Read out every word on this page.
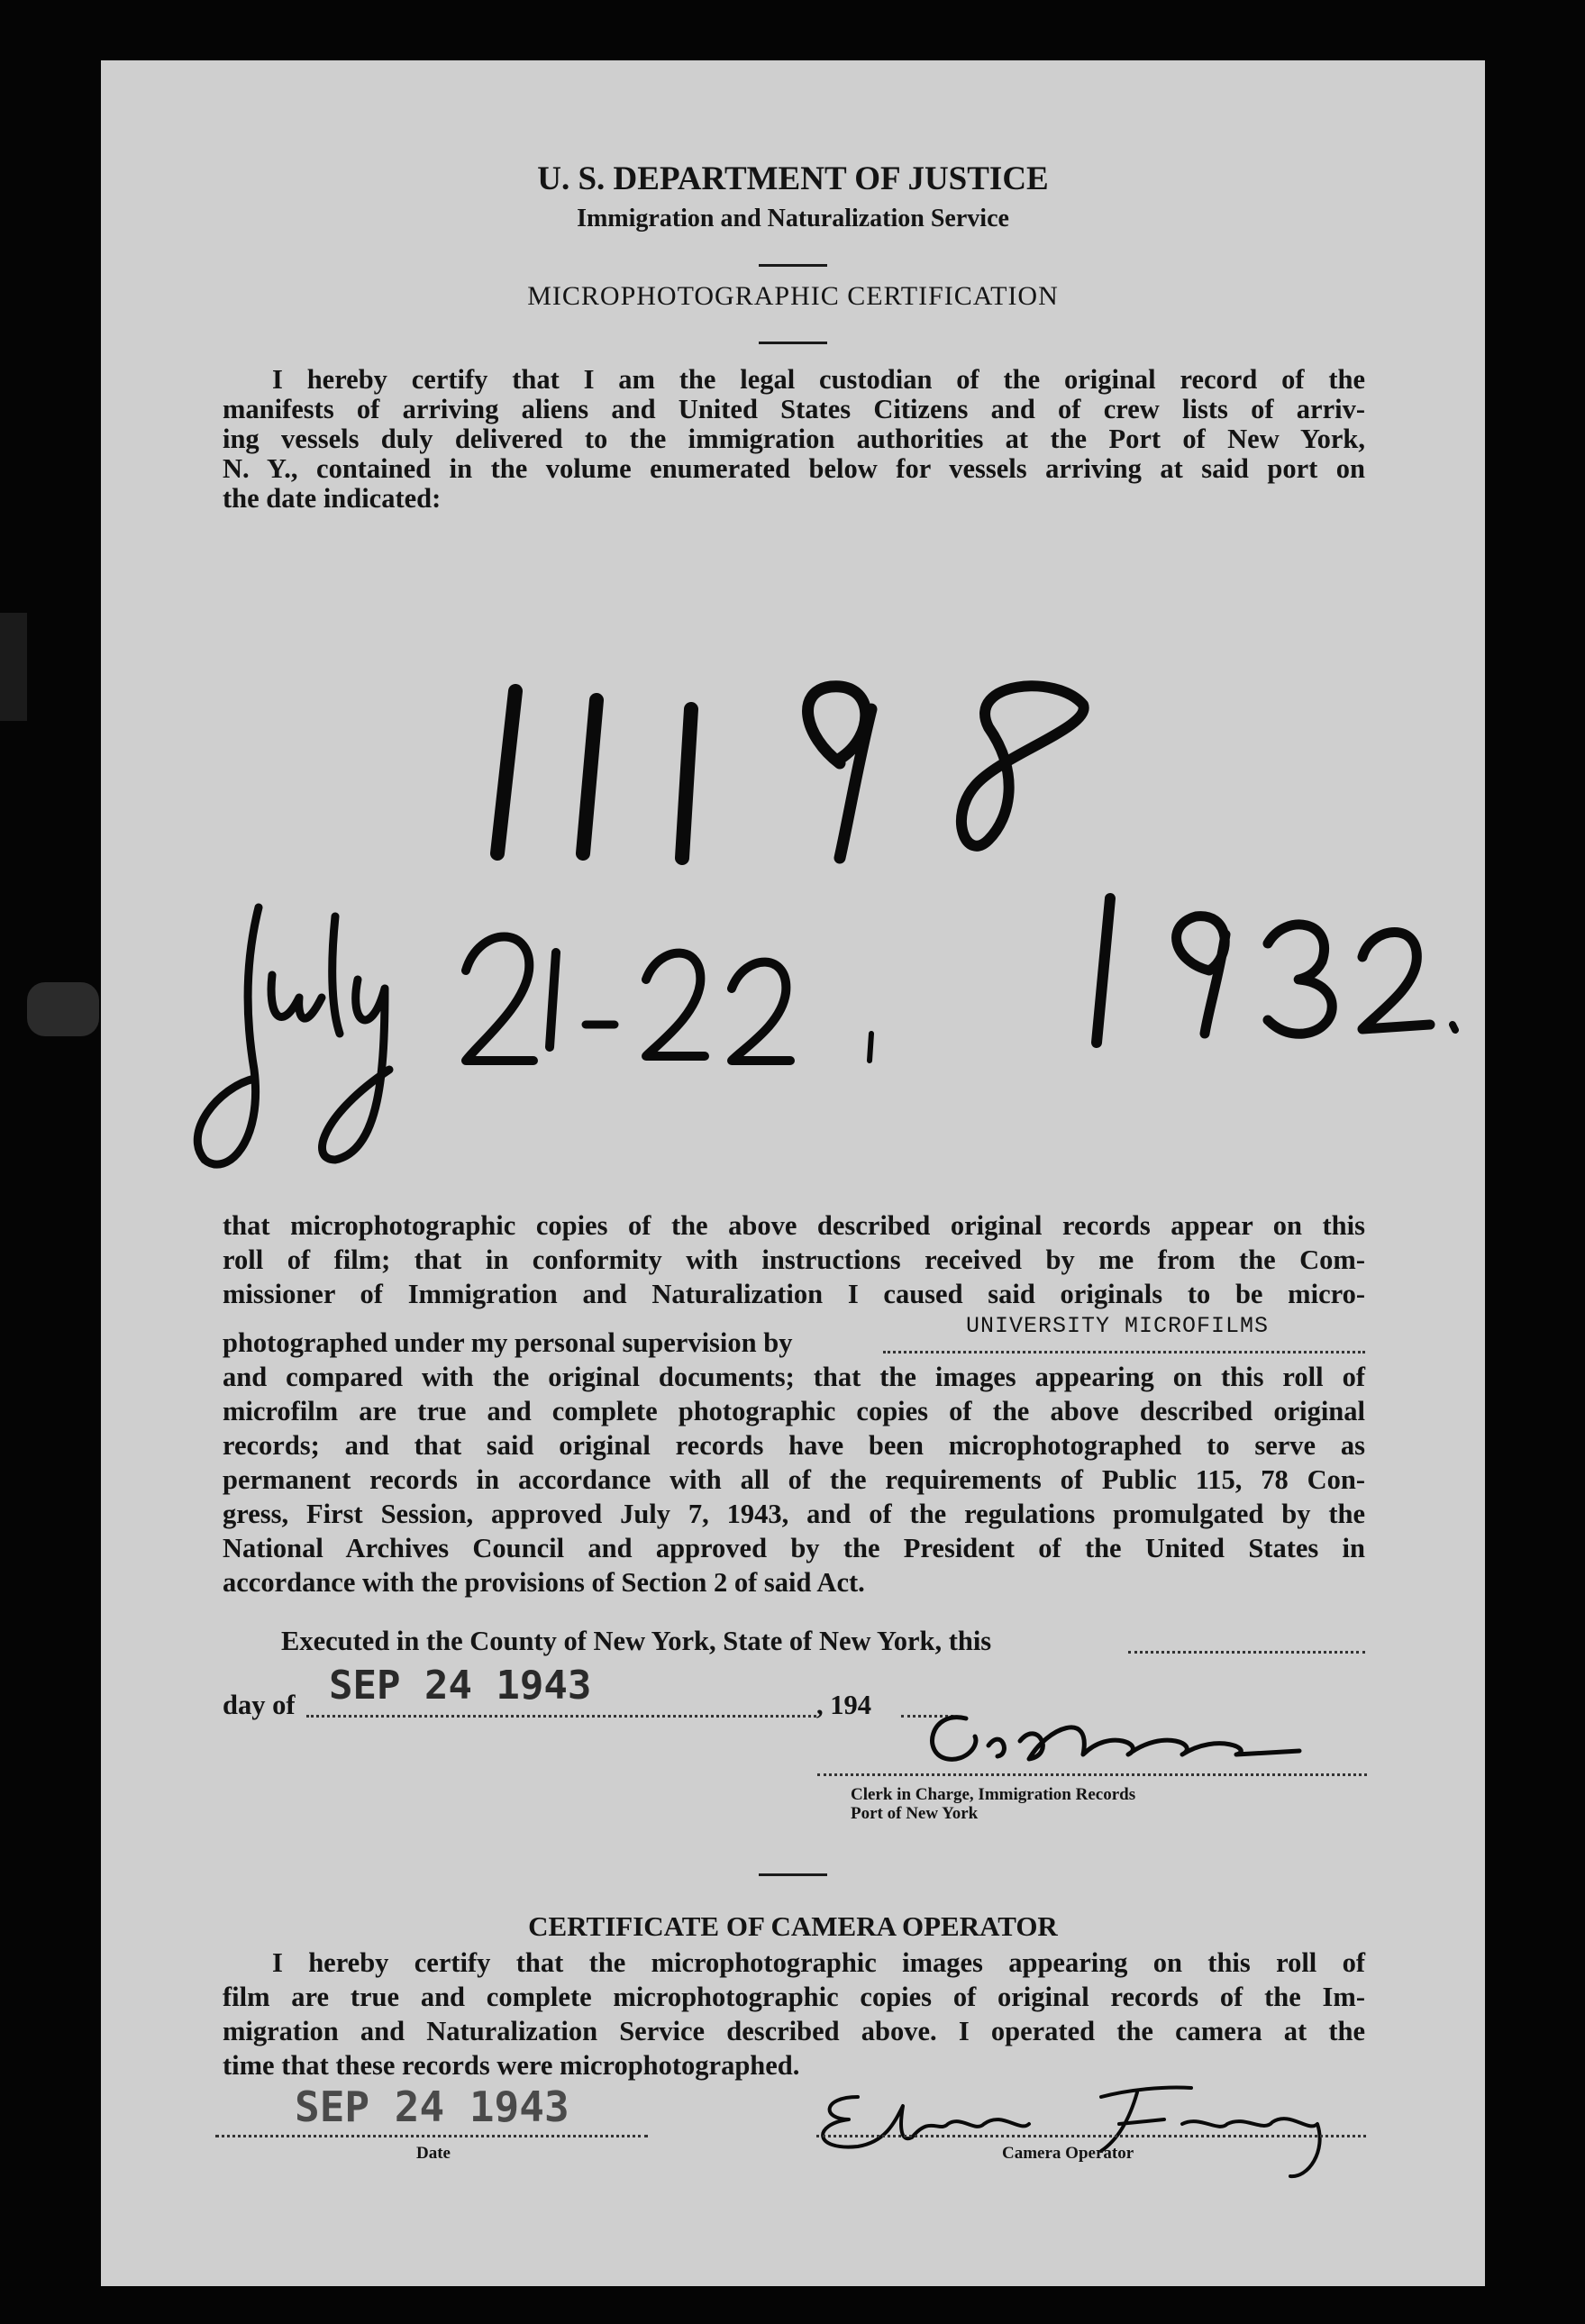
U. S. DEPARTMENT OF JUSTICE
Immigration and Naturalization Service
MICROPHOTOGRAPHIC CERTIFICATION
I hereby certify that I am the legal custodian of the original record of the
manifests of arriving aliens and United States Citizens and of crew lists of arriv-
ing vessels duly delivered to the immigration authorities at the Port of New York,
N. Y., contained in the volume enumerated below for vessels arriving at said port on
the date indicated:
that microphotographic copies of the above described original records appear on this
roll of film; that in conformity with instructions received by me from the Com-
missioner of Immigration and Naturalization I caused said originals to be micro-
photographed under my personal supervision by
UNIVERSITY MICROFILMS
and compared with the original documents; that the images appearing on this roll of
microfilm are true and complete photographic copies of the above described original
records; and that said original records have been microphotographed to serve as
permanent records in accordance with all of the requirements of Public 115, 78 Con-
gress, First Session, approved July 7, 1943, and of the regulations promulgated by the
National Archives Council and approved by the President of the United States in
accordance with the provisions of Section 2 of said Act.
Executed in the County of New York, State of New York, this
day of SEP 24 1943	, 194
Clerk in Charge, Immigration Records
Port of New York
CERTIFICATE OF CAMERA OPERATOR
I hereby certify that the microphotographic images appearing on this roll of
film are true and complete microphotographic copies of original records of the Im-
migration and Naturalization Service described above. I operated the camera at the
time that these records were microphotographed.
SEP 24 1943
Date	Camera Operator
